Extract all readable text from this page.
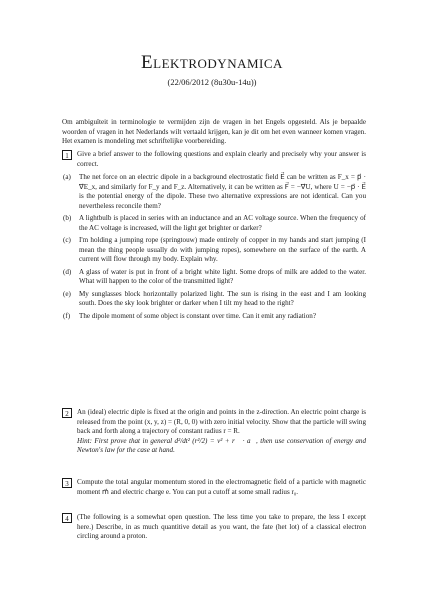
Elektrodynamica
(22/06/2012 (8u30u-14u))
Om ambiguïteit in terminologie te vermijden zijn de vragen in het Engels opgesteld. Als je bepaalde woorden of vragen in het Nederlands wilt vertaald krijgen, kan je dit om het even wanneer komen vragen. Het examen is mondeling met schriftelijke voorbereiding.
1	Give a brief answer to the following questions and explain clearly and precisely why your answer is correct.
(a) The net force on an electric dipole in a background electrostatic field E⃗ can be written as F_x = p⃗ · ∇⃗E_x, and similarly for F_y and F_z. Alternatively, it can be written as F⃗ = −∇⃗U, where U = −p⃗ · E⃗ is the potential energy of the dipole. These two alternative expressions are not identical. Can you nevertheless reconcile them?
(b) A lightbulb is placed in series with an inductance and an AC voltage source. When the frequency of the AC voltage is increased, will the light get brighter or darker?
(c) I'm holding a jumping rope (springtouw) made entirely of copper in my hands and start jumping (I mean the thing people usually do with jumping ropes), somewhere on the surface of the earth. A current will flow through my body. Explain why.
(d) A glass of water is put in front of a bright white light. Some drops of milk are added to the water. What will happen to the color of the transmitted light?
(e) My sunglasses block horizontally polarized light. The sun is rising in the east and I am looking south. Does the sky look brighter or darker when I tilt my head to the right?
(f) The dipole moment of some object is constant over time. Can it emit any radiation?
2	An (ideal) electric diple is fixed at the origin and points in the z-direction. An electric point charge is released from the point (x, y, z) = (R, 0, 0) with zero initial velocity. Show that the particle will swing back and forth along a trajectory of constant radius r = R.
Hint: First prove that in general d²/dt² (r²/2) = v² + r⃗ · a⃗, then use conservation of energy and Newton's law for the case at hand.
3	Compute the total angular momentum stored in the electromagnetic field of a particle with magnetic moment m⃗ and electric charge e. You can put a cutoff at some small radius r₀.
4	(The following is a somewhat open question. The less time you take to prepare, the less I except here.) Describe, in as much quantitive detail as you want, the fate (het lot) of a classical electron circling around a proton.
